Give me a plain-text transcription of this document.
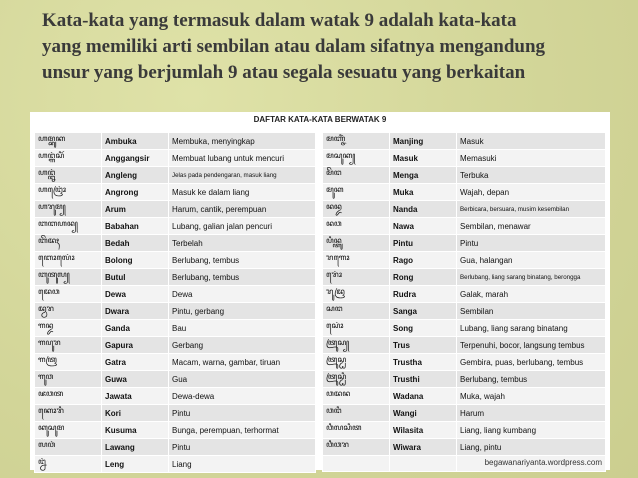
Kata-kata yang termasuk dalam watak 9 adalah kata-kata
yang memiliki arti sembilan atau dalam sifatnya mengandung
unsur yang berjumlah 9 atau segala sesuatu yang berkaitan
DAFTAR KATA-KATA BERWATAK 9
ꦲꦩ꧀ꦧꦸꦏ	Ambuka	Membuka, menyingkap
ꦲꦔ꧀ꦒꦁꦱꦶꦂ	Anggangsir	Membuat lubang untuk mencuri
ꦲꦔ꧀ꦊꦁ	Angleng	Jelas pada pendengaran, masuk liang
ꦲꦔꦿꦺꦴꦁ	Angrong	Masuk ke dalam liang
ꦲꦫꦸꦩ꧀	Arum	Harum, cantik, perempuan
ꦧꦧꦲꦤ꧀	Babahan	Lubang, galian jalan pencuri
ꦧꦼꦢꦃ	Bedah	Terbelah
ꦧꦺꦴꦭꦺꦴꦁ	Bolong	Berlubang, tembus
ꦧꦸꦠꦸꦭ꧀	Butul	Berlubang, tembus
ꦢꦺꦮ	Dewa	Dewa
ꦢ꧀ꦮꦫ	Dwara	Pintu, gerbang
ꦒꦤ꧀ꦢ	Ganda	Bau
ꦒꦥꦸꦫ	Gapura	Gerbang
ꦒꦠꦿ	Gatra	Macam, warna, gambar, tiruan
ꦒꦸꦮ	Guwa	Gua
ꦗꦮꦠ	Jawata	Dewa-dewa
ꦏꦺꦴꦫꦶ	Kori	Pintu
ꦏꦸꦱꦸꦩ	Kusuma	Bunga, perempuan, terhormat
ꦭꦮꦁ	Lawang	Pintu
ꦊꦁ	Leng	Liang
ꦩꦚ꧀ꦗꦶꦁ	Manjing	Masuk
ꦩꦱꦸꦏ꧀	Masuk	Memasuki
ꦩꦼꦔ	Menga	Terbuka
ꦩꦸꦏ	Muka	Wajah, depan
ꦤꦤ꧀ꦢ	Nanda	Berbicara, bersuara, musim kesembilan
ꦤꦮ	Nawa	Sembilan, menawar
ꦥꦶꦤ꧀ꦠꦸ	Pintu	Pintu
ꦫꦒꦺꦴ	Rago	Gua, halangan
ꦫꦺꦴꦁ	Rong	Berlubang, liang sarang binatang, berongga
ꦫꦸꦢꦿ	Rudra	Galak, marah
ꦱꦔ	Sanga	Sembilan
ꦱꦺꦴꦁ	Song	Lubang, liang sarang binatang
ꦠꦿꦸꦱ꧀	Trus	Terpenuhi, bocor, langsung tembus
ꦠꦿꦸꦱ꧀ꦛ	Trustha	Gembira, puas, berlubang, tembus
ꦠꦿꦸꦱ꧀ꦛꦶ	Trusthi	Berlubang, tembus
ꦮꦢꦤ	Wadana	Muka, wajah
ꦮꦔꦶ	Wangi	Harum
ꦮꦶꦭꦱꦶꦠ	Wilasita	Liang, liang kumbang
ꦮꦶꦮꦫ	Wiwara	Liang, pintu

begawanariyanta.wordpress.com
